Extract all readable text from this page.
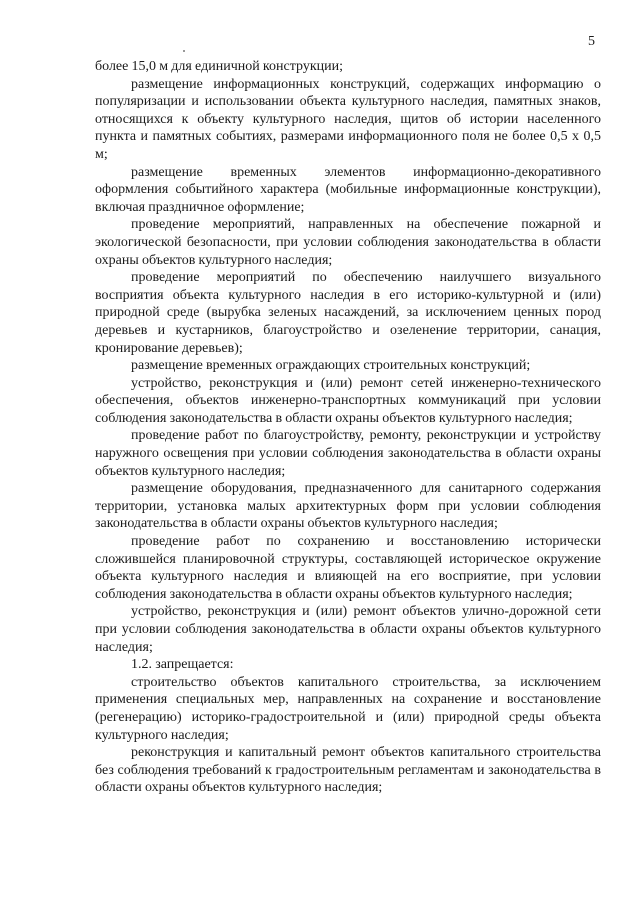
5

более 15,0 м для единичной конструкции;

размещение информационных конструкций, содержащих информацию о популяризации и использовании объекта культурного наследия, памятных знаков, относящихся к объекту культурного наследия, щитов об истории населенного пункта и памятных событиях, размерами информационного поля не более 0,5 х 0,5 м;

размещение временных элементов информационно-декоративного оформления событийного характера (мобильные информационные конструкции), включая праздничное оформление;

проведение мероприятий, направленных на обеспечение пожарной и экологической безопасности, при условии соблюдения законодательства в области охраны объектов культурного наследия;

проведение мероприятий по обеспечению наилучшего визуального восприятия объекта культурного наследия в его историко-культурной и (или) природной среде (вырубка зеленых насаждений, за исключением ценных пород деревьев и кустарников, благоустройство и озеленение территории, санация, кронирование деревьев);

размещение временных ограждающих строительных конструкций;

устройство, реконструкция и (или) ремонт сетей инженерно-технического обеспечения, объектов инженерно-транспортных коммуникаций при условии соблюдения законодательства в области охраны объектов культурного наследия;

проведение работ по благоустройству, ремонту, реконструкции и устройству наружного освещения при условии соблюдения законодательства в области охраны объектов культурного наследия;

размещение оборудования, предназначенного для санитарного содержания территории, установка малых архитектурных форм при условии соблюдения законодательства в области охраны объектов культурного наследия;

проведение работ по сохранению и восстановлению исторически сложившейся планировочной структуры, составляющей историческое окружение объекта культурного наследия и влияющей на его восприятие, при условии соблюдения законодательства в области охраны объектов культурного наследия;

устройство, реконструкция и (или) ремонт объектов улично-дорожной сети при условии соблюдения законодательства в области охраны объектов культурного наследия;

1.2. запрещается:

строительство объектов капитального строительства, за исключением применения специальных мер, направленных на сохранение и восстановление (регенерацию) историко-градостроительной и (или) природной среды объекта культурного наследия;

реконструкция и капитальный ремонт объектов капитального строительства без соблюдения требований к градостроительным регламентам и законодательства в области охраны объектов культурного наследия;
